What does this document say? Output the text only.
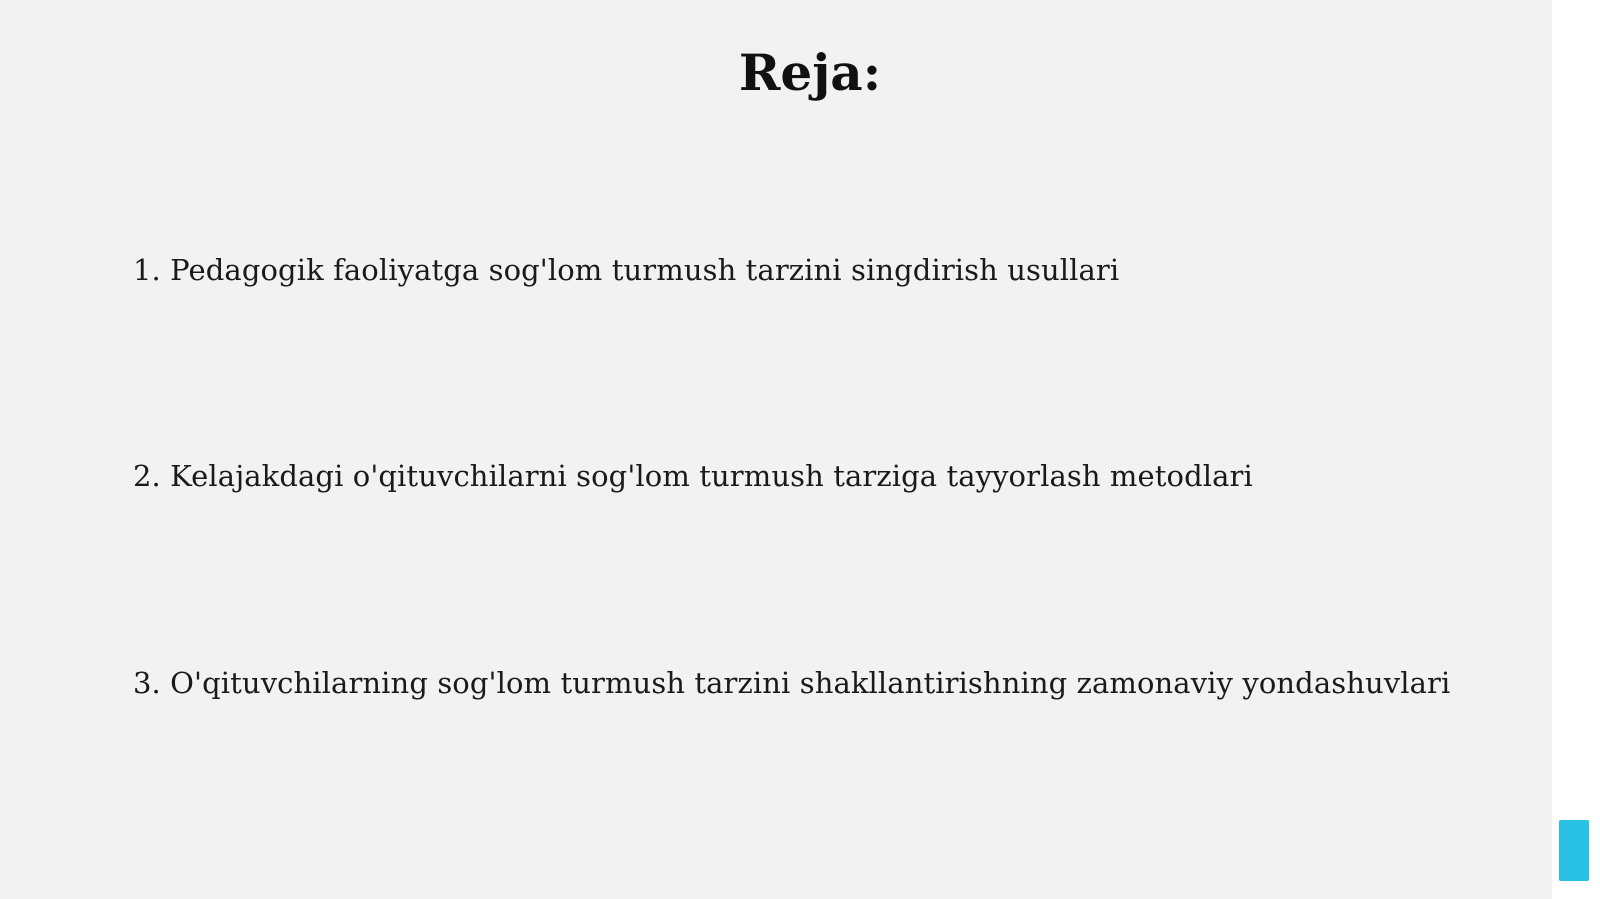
Reja:

1. Pedagogik faoliyatga sog'lom turmush tarzini singdirish usullari

2. Kelajakdagi o'qituvchilarni sog'lom turmush tarziga tayyorlash metodlari

3. O'qituvchilarning sog'lom turmush tarzini shakllantirishning zamonaviy yondashuvlari
